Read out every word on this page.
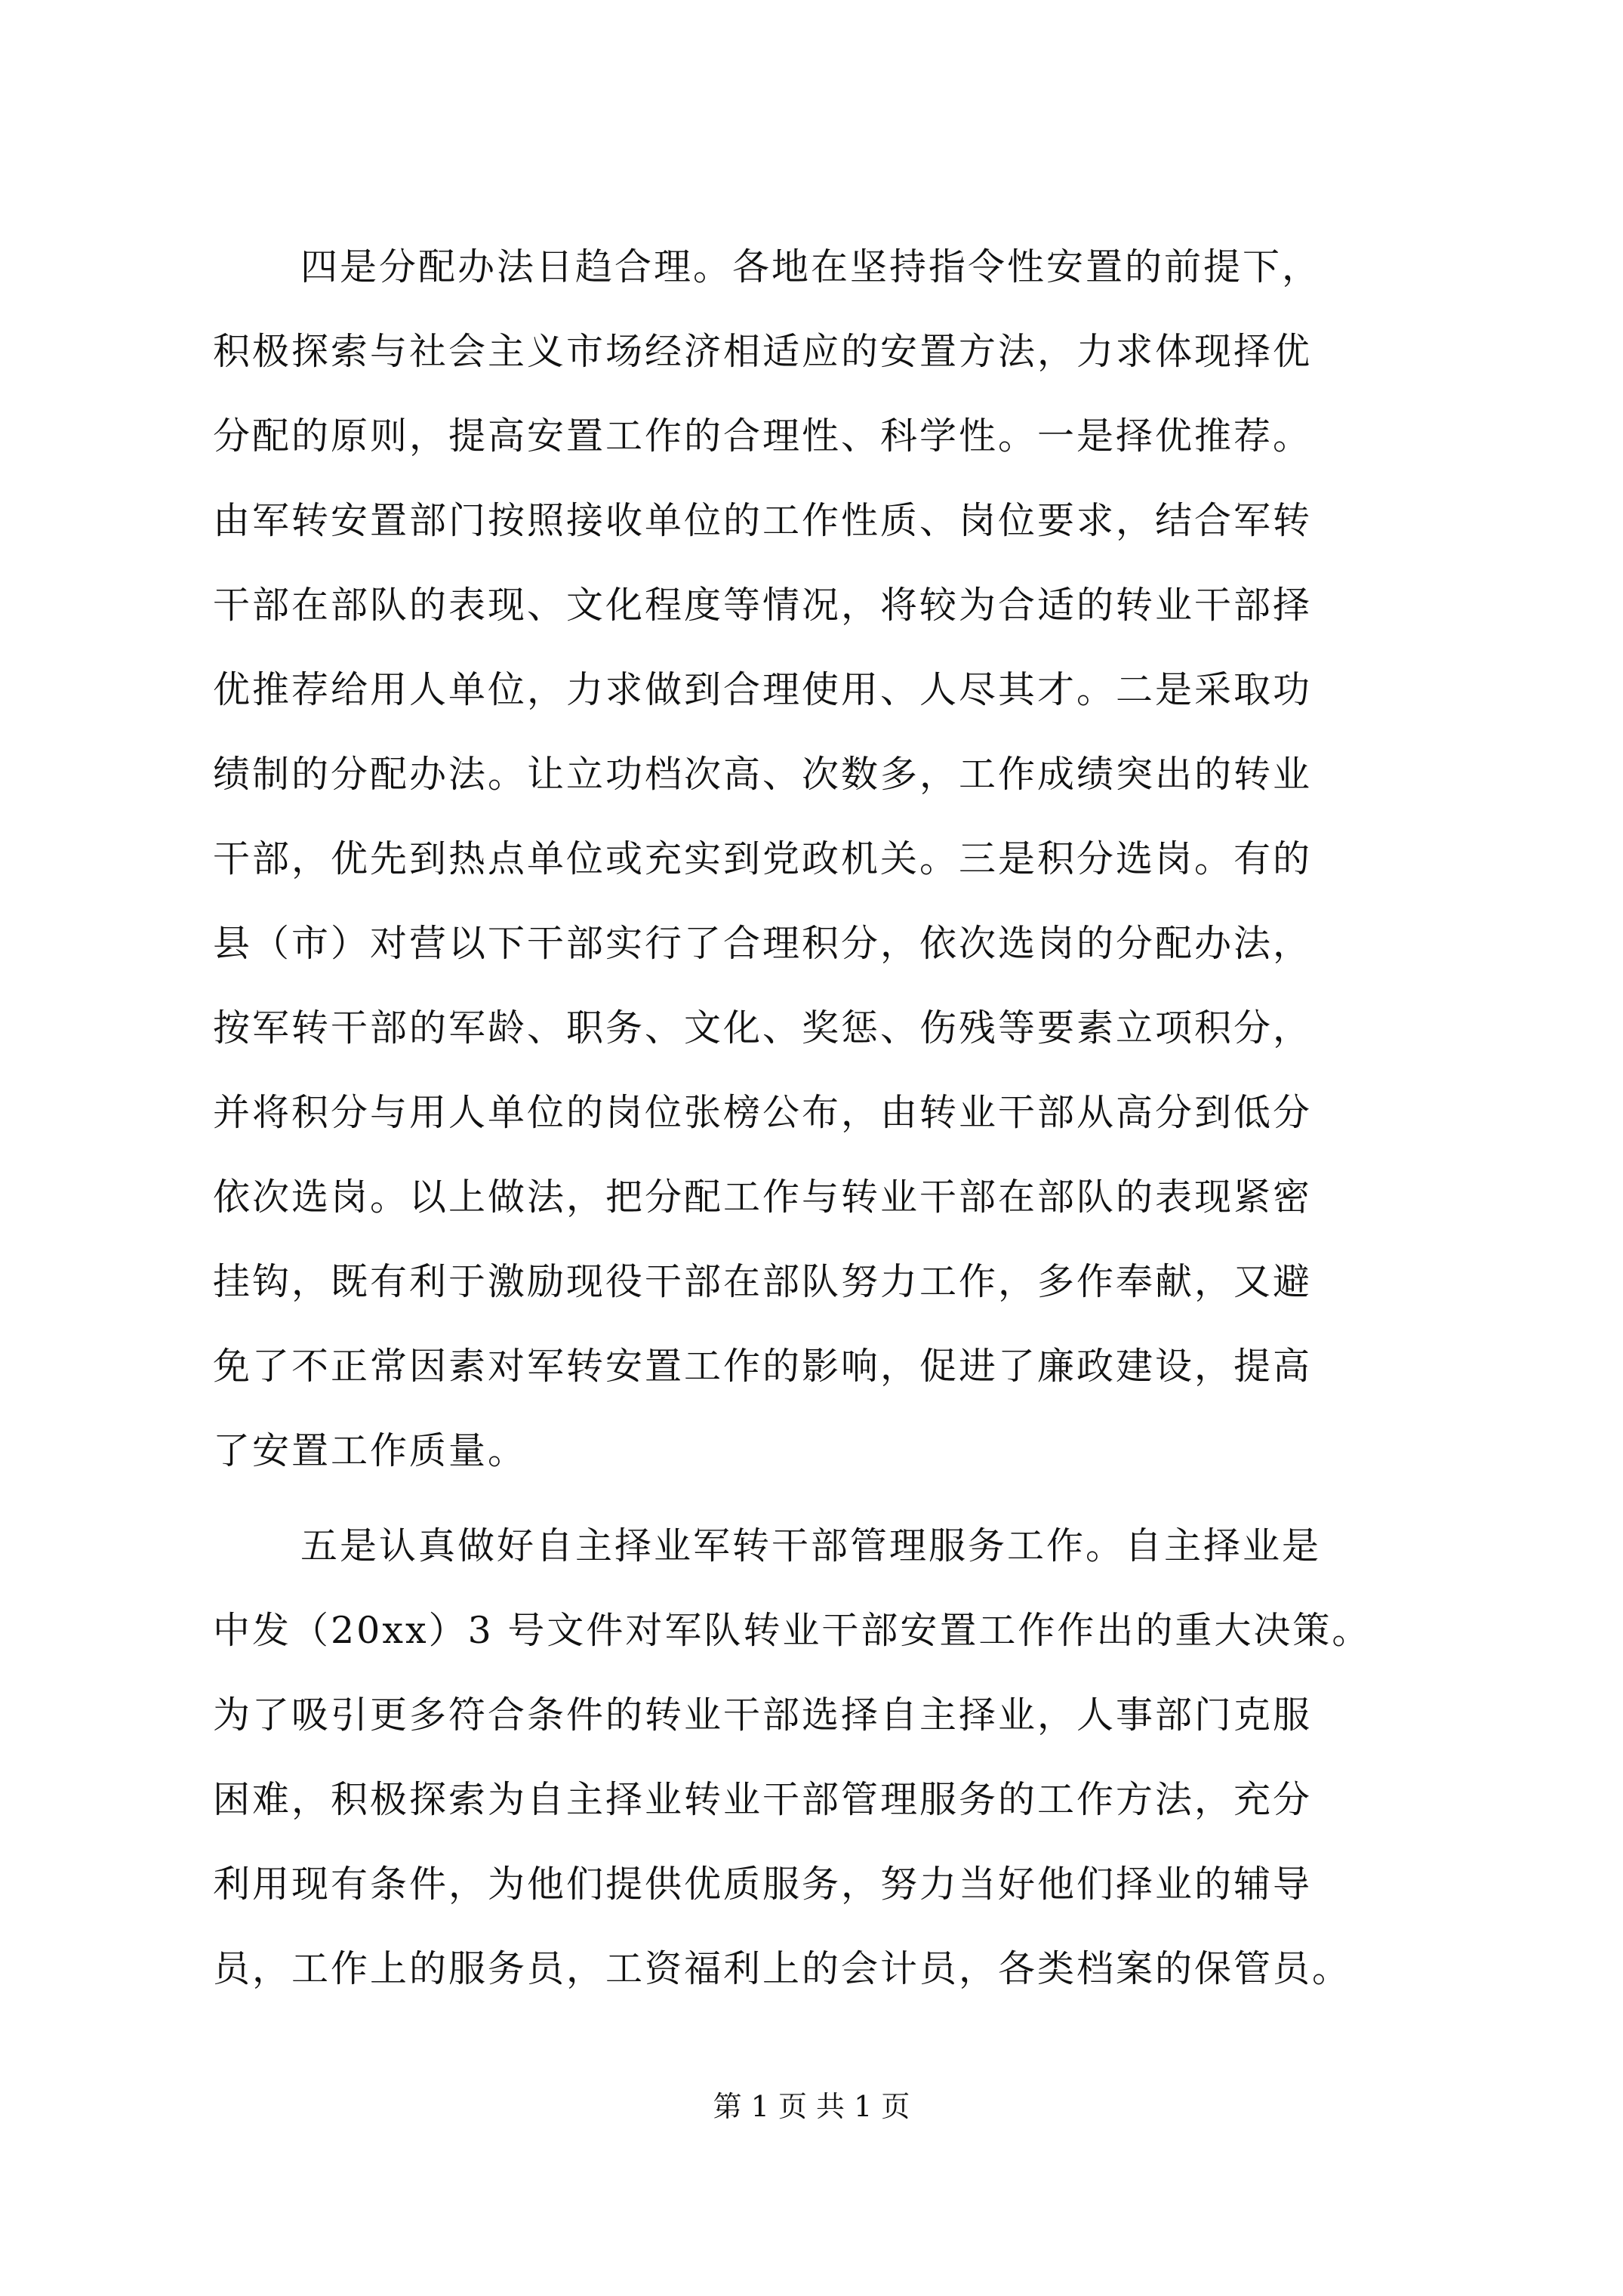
四是分配办法日趋合理。各地在坚持指令性安置的前提下，
积极探索与社会主义市场经济相适应的安置方法，力求体现择优
分配的原则，提高安置工作的合理性、科学性。一是择优推荐。
由军转安置部门按照接收单位的工作性质、岗位要求，结合军转
干部在部队的表现、文化程度等情况，将较为合适的转业干部择
优推荐给用人单位，力求做到合理使用、人尽其才。二是采取功
绩制的分配办法。让立功档次高、次数多，工作成绩突出的转业
干部，优先到热点单位或充实到党政机关。三是积分选岗。有的
县（市）对营以下干部实行了合理积分，依次选岗的分配办法，
按军转干部的军龄、职务、文化、奖惩、伤残等要素立项积分，
并将积分与用人单位的岗位张榜公布，由转业干部从高分到低分
依次选岗。以上做法，把分配工作与转业干部在部队的表现紧密
挂钩，既有利于激励现役干部在部队努力工作，多作奉献，又避
免了不正常因素对军转安置工作的影响，促进了廉政建设，提高
了安置工作质量。
五是认真做好自主择业军转干部管理服务工作。自主择业是
中发（20xx）3 号文件对军队转业干部安置工作作出的重大决策。
为了吸引更多符合条件的转业干部选择自主择业，人事部门克服
困难，积极探索为自主择业转业干部管理服务的工作方法，充分
利用现有条件，为他们提供优质服务，努力当好他们择业的辅导
员，工作上的服务员，工资福利上的会计员，各类档案的保管员。
第 1 页 共 1 页
